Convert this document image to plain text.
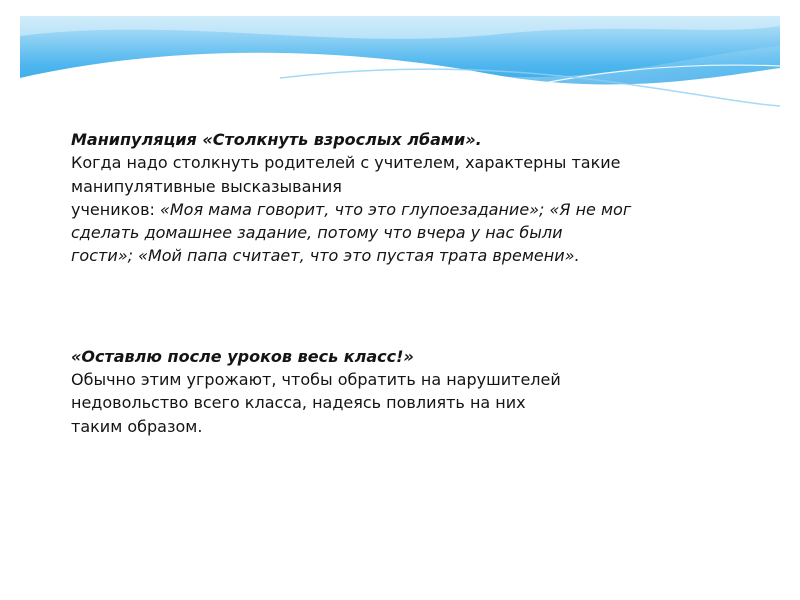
Манипуляция «Столкнуть взрослых лбами».
Когда надо столкнуть родителей с учителем, характерны такие
манипулятивные высказывания
учеников: «Моя мама говорит, что это глупоезадание»; «Я не мог
сделать домашнее задание, потому что вчера у нас были
гости»; «Мой папа считает, что это пустая трата времени».

«Оставлю после уроков весь класс!»
Обычно этим угрожают, чтобы обратить на нарушителей
недовольство всего класса, надеясь повлиять на них
таким образом.
